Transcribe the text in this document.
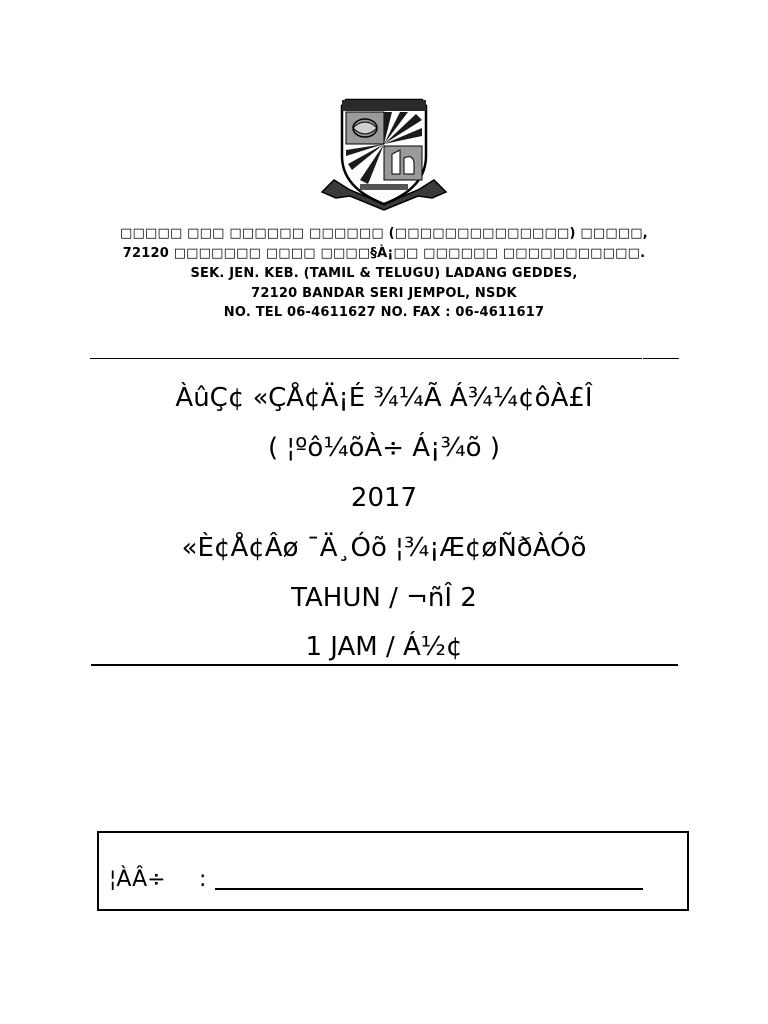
□□□□□ □□□ □□□□□□ □□□□□□ (□□□□□□□□□□□□□□) □□□□□,
72120 □□□□□□□ □□□□ □□□□§À¡□□ □□□□□□ □□□□□□□□□□□.
SEK. JEN. KEB. (TAMIL & TELUGU) LADANG GEDDES,
72120 BANDAR SERI JEMPOL, NSDK
NO. TEL 06-4611627 NO. FAX : 06-4611617
ÀûÇ¢ «ÇÅ¢Ä¡É ¾¼Ã Á¾¼¢ôÀ£Î
( ¦ºô¼õÀ÷ Á¡¾õ )
2017
«È¢Å¢Âø ¯Ä¸Óõ ¦¾¡Æ¢øÑðÀÓõ
TAHUN / ¬ñÎ 2
1 JAM / Á½¢
¦ÀÂ÷ :
